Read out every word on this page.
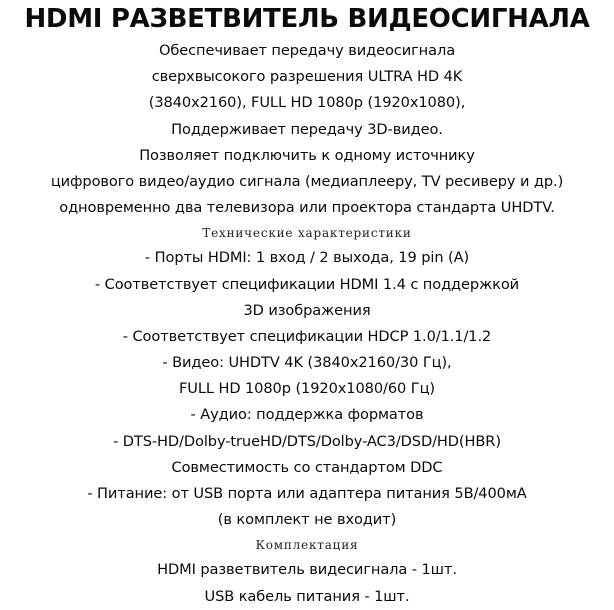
HDMI РАЗВЕТВИТЕЛЬ ВИДЕОСИГНАЛА
Обеспечивает передачу видеосигнала
сверхвысокого разрешения ULTRA HD 4K
(3840x2160), FULL HD 1080p (1920x1080),
Поддерживает передачу 3D-видео.
Позволяет подключить к одному источнику
цифрового видео/аудио сигнала (медиаплееру, TV ресиверу и др.)
одновременно два телевизора или проектора стандарта UHDTV.
Технические характеристики
- Порты HDMI: 1 вход / 2 выхода, 19 pin (A)
- Соответствует спецификации HDMI 1.4 с поддержкой
3D изображения
- Соответствует спецификации HDCP 1.0/1.1/1.2
- Видео: UHDTV 4K (3840x2160/30 Гц),
FULL HD 1080p (1920x1080/60 Гц)
- Аудио: поддержка форматов
- DTS-HD/Dolby-trueHD/DTS/Dolby-AC3/DSD/HD(HBR)
Совместимость со стандартом DDC
- Питание: от USB порта или адаптера питания 5В/400мА
(в комплект не входит)
Комплектация
HDMI разветвитель видесигнала - 1шт.
USB кабель питания - 1шт.
